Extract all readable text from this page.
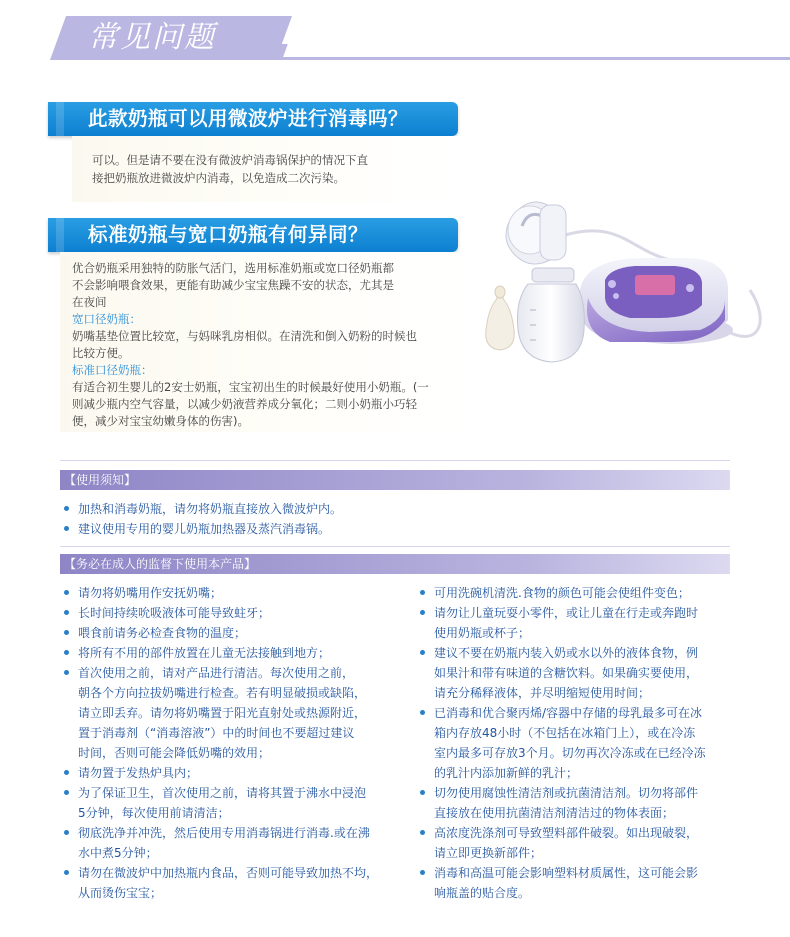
常见问题
此款奶瓶可以用微波炉进行消毒吗？
可以。但是请不要在没有微波炉消毒锅保护的情况下直
接把奶瓶放进微波炉内消毒，以免造成二次污染。
标准奶瓶与宽口奶瓶有何异同？
优合奶瓶采用独特的防胀气活门，选用标准奶瓶或宽口径奶瓶都
不会影响喂食效果，更能有助减少宝宝焦躁不安的状态，尤其是
在夜间
宽口径奶瓶：
奶嘴基垫位置比较宽，与妈咪乳房相似。在清洗和倒入奶粉的时候也
比较方便。
标准口径奶瓶：
有适合初生婴儿的2安士奶瓶，宝宝初出生的时候最好使用小奶瓶。(一
则减少瓶内空气容量，以减少奶液营养成分氧化；二则小奶瓶小巧轻
便，减少对宝宝幼嫩身体的伤害)。
【使用须知】
加热和消毒奶瓶，请勿将奶瓶直接放入微波炉内。
建议使用专用的婴儿奶瓶加热器及蒸汽消毒锅。
【务必在成人的监督下使用本产品】
请勿将奶嘴用作安抚奶嘴；
长时间持续吮吸液体可能导致蛀牙；
喂食前请务必检查食物的温度；
将所有不用的部件放置在儿童无法接触到地方；
首次使用之前，请对产品进行清洁。每次使用之前，
朝各个方向拉拔奶嘴进行检查。若有明显破损或缺陷，
请立即丢弃。请勿将奶嘴置于阳光直射处或热源附近，
置于消毒剂（“消毒溶液”）中的时间也不要超过建议
时间，否则可能会降低奶嘴的效用；
请勿置于发热炉具内；
为了保证卫生，首次使用之前，请将其置于沸水中浸泡
5分钟，每次使用前请清洁；
彻底洗净并冲洗，然后使用专用消毒锅进行消毒.或在沸
水中煮5分钟；
请勿在微波炉中加热瓶内食品，否则可能导致加热不均，
从而烫伤宝宝；
可用洗碗机清洗.食物的颜色可能会使组件变色；
请勿让儿童玩耍小零件，或让儿童在行走或奔跑时
使用奶瓶或杯子；
建议不要在奶瓶内装入奶或水以外的液体食物，例
如果汁和带有味道的含糖饮料。如果确实要使用，
请充分稀释液体，并尽明缩短使用时间；
已消毒和优合聚丙烯/容器中存储的母乳最多可在冰
箱内存放48小时（不包括在冰箱门上），或在冷冻
室内最多可存放3个月。切勿再次冷冻或在已经冷冻
的乳汁内添加新鲜的乳汁；
切勿使用腐蚀性清洁剂或抗菌清洁剂。切勿将部件
直接放在使用抗菌清洁剂清洁过的物体表面；
高浓度洗涤剂可导致塑料部件破裂。如出现破裂，
请立即更换新部件；
消毒和高温可能会影响塑料材质属性，这可能会影
响瓶盖的贴合度。
